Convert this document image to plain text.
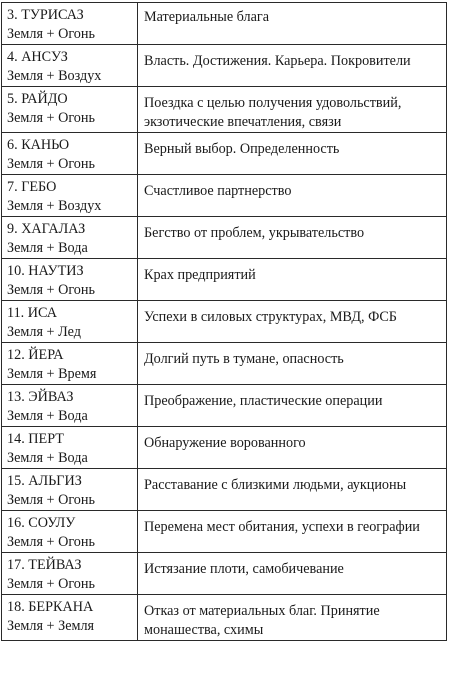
3. ТУРИСАЗ
Земля + Огонь	Материальные блага

4. АНСУЗ
Земля + Воздух	Власть. Достижения. Карьера. Покровители

5. РАЙДО
Земля + Огонь	Поездка с целью получения удовольствий, экзотические впечатления, связи

6. КАНЬО
Земля + Огонь	Верный выбор. Определенность

7. ГЕБО
Земля + Воздух	Счастливое партнерство

9. ХАГАЛАЗ
Земля + Вода	Бегство от проблем, укрывательство

10. НАУТИЗ
Земля + Огонь	Крах предприятий

11. ИСА
Земля + Лед	Успехи в силовых структурах, МВД, ФСБ

12. ЙЕРА
Земля + Время	Долгий путь в тумане, опасность

13. ЭЙВАЗ
Земля + Вода	Преображение, пластические операции

14. ПЕРТ
Земля + Вода	Обнаружение ворованного

15. АЛЬГИЗ
Земля + Огонь	Расставание с близкими людьми, аукционы

16. СОУЛУ
Земля + Огонь	Перемена мест обитания, успехи в географии

17. ТЕЙВАЗ
Земля + Огонь	Истязание плоти, самобичевание

18. БЕРКАНА
Земля + Земля	Отказ от материальных благ. Принятие монашества, схимы
